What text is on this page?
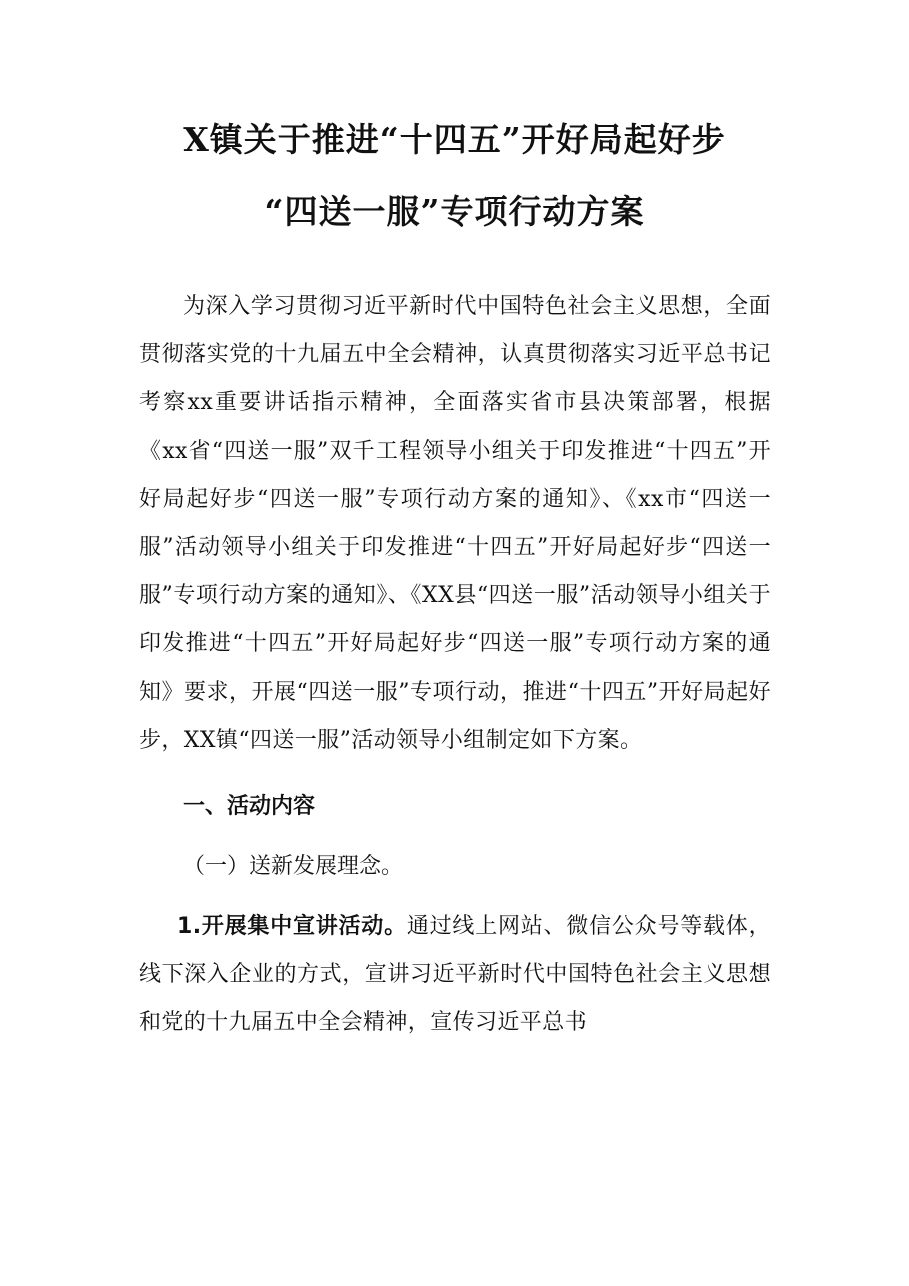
X镇关于推进“十四五”开好局起好步
“四送一服”专项行动方案

为深入学习贯彻习近平新时代中国特色社会主义思想，全面贯彻落实党的十九届五中全会精神，认真贯彻落实习近平总书记考察xx重要讲话指示精神，全面落实省市县决策部署，根据《xx省“四送一服”双千工程领导小组关于印发推进“十四五”开好局起好步“四送一服”专项行动方案的通知》、《xx市“四送一服”活动领导小组关于印发推进“十四五”开好局起好步“四送一服”专项行动方案的通知》、《XX县“四送一服”活动领导小组关于印发推进“十四五”开好局起好步“四送一服”专项行动方案的通知》要求，开展“四送一服”专项行动，推进“十四五”开好局起好步，XX镇“四送一服”活动领导小组制定如下方案。

一、活动内容

（一）送新发展理念。

1.开展集中宣讲活动。通过线上网站、微信公众号等载体，线下深入企业的方式，宣讲习近平新时代中国特色社会主义思想和党的十九届五中全会精神，宣传习近平总书
